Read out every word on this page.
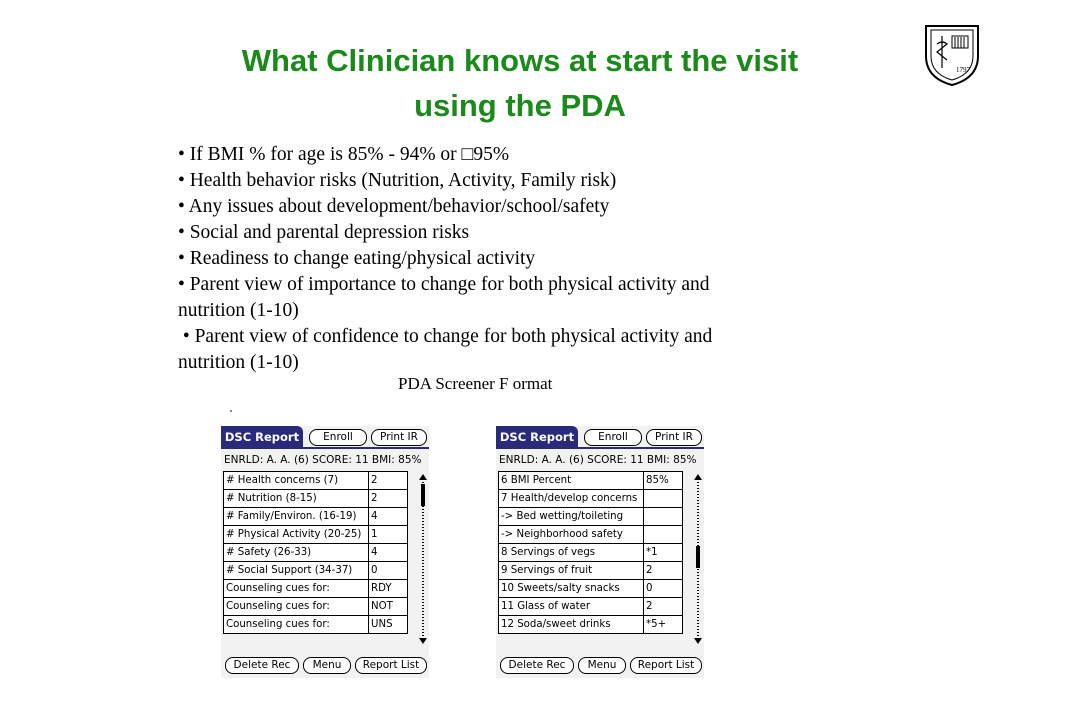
What Clinician knows at start the visit
using the PDA
1797
• If BMI % for age is 85% - 94% or ​□95%
• Health behavior risks (Nutrition, Activity, Family risk)
• Any issues about development/behavior/school/safety
• Social and parental depression risks
• Readiness to change eating/physical activity
• Parent view of importance to change for both physical activity and
nutrition (1-10)
• Parent view of confidence to change for both physical activity and
nutrition (1-10)
PDA Screener F ormat
DSC Report	Enroll	Print IR
ENRLD: A. A. (6) SCORE: 11 BMI: 85%
# Health concerns (7)	2
# Nutrition (8-15)	2
# Family/Environ. (16-19)	4
# Physical Activity (20-25)	1
# Safety (26-33)	4
# Social Support (34-37)	0
Counseling cues for:	RDY
Counseling cues for:	NOT
Counseling cues for:	UNS
Delete Rec	Menu	Report List
DSC Report	Enroll	Print IR
ENRLD: A. A. (6) SCORE: 11 BMI: 85%
6 BMI Percent	85%
7 Health/develop concerns	
-> Bed wetting/toileting	
-> Neighborhood safety	
8 Servings of vegs	*1
9 Servings of fruit	2
10 Sweets/salty snacks	0
11 Glass of water	2
12 Soda/sweet drinks	*5+
Delete Rec	Menu	Report List
